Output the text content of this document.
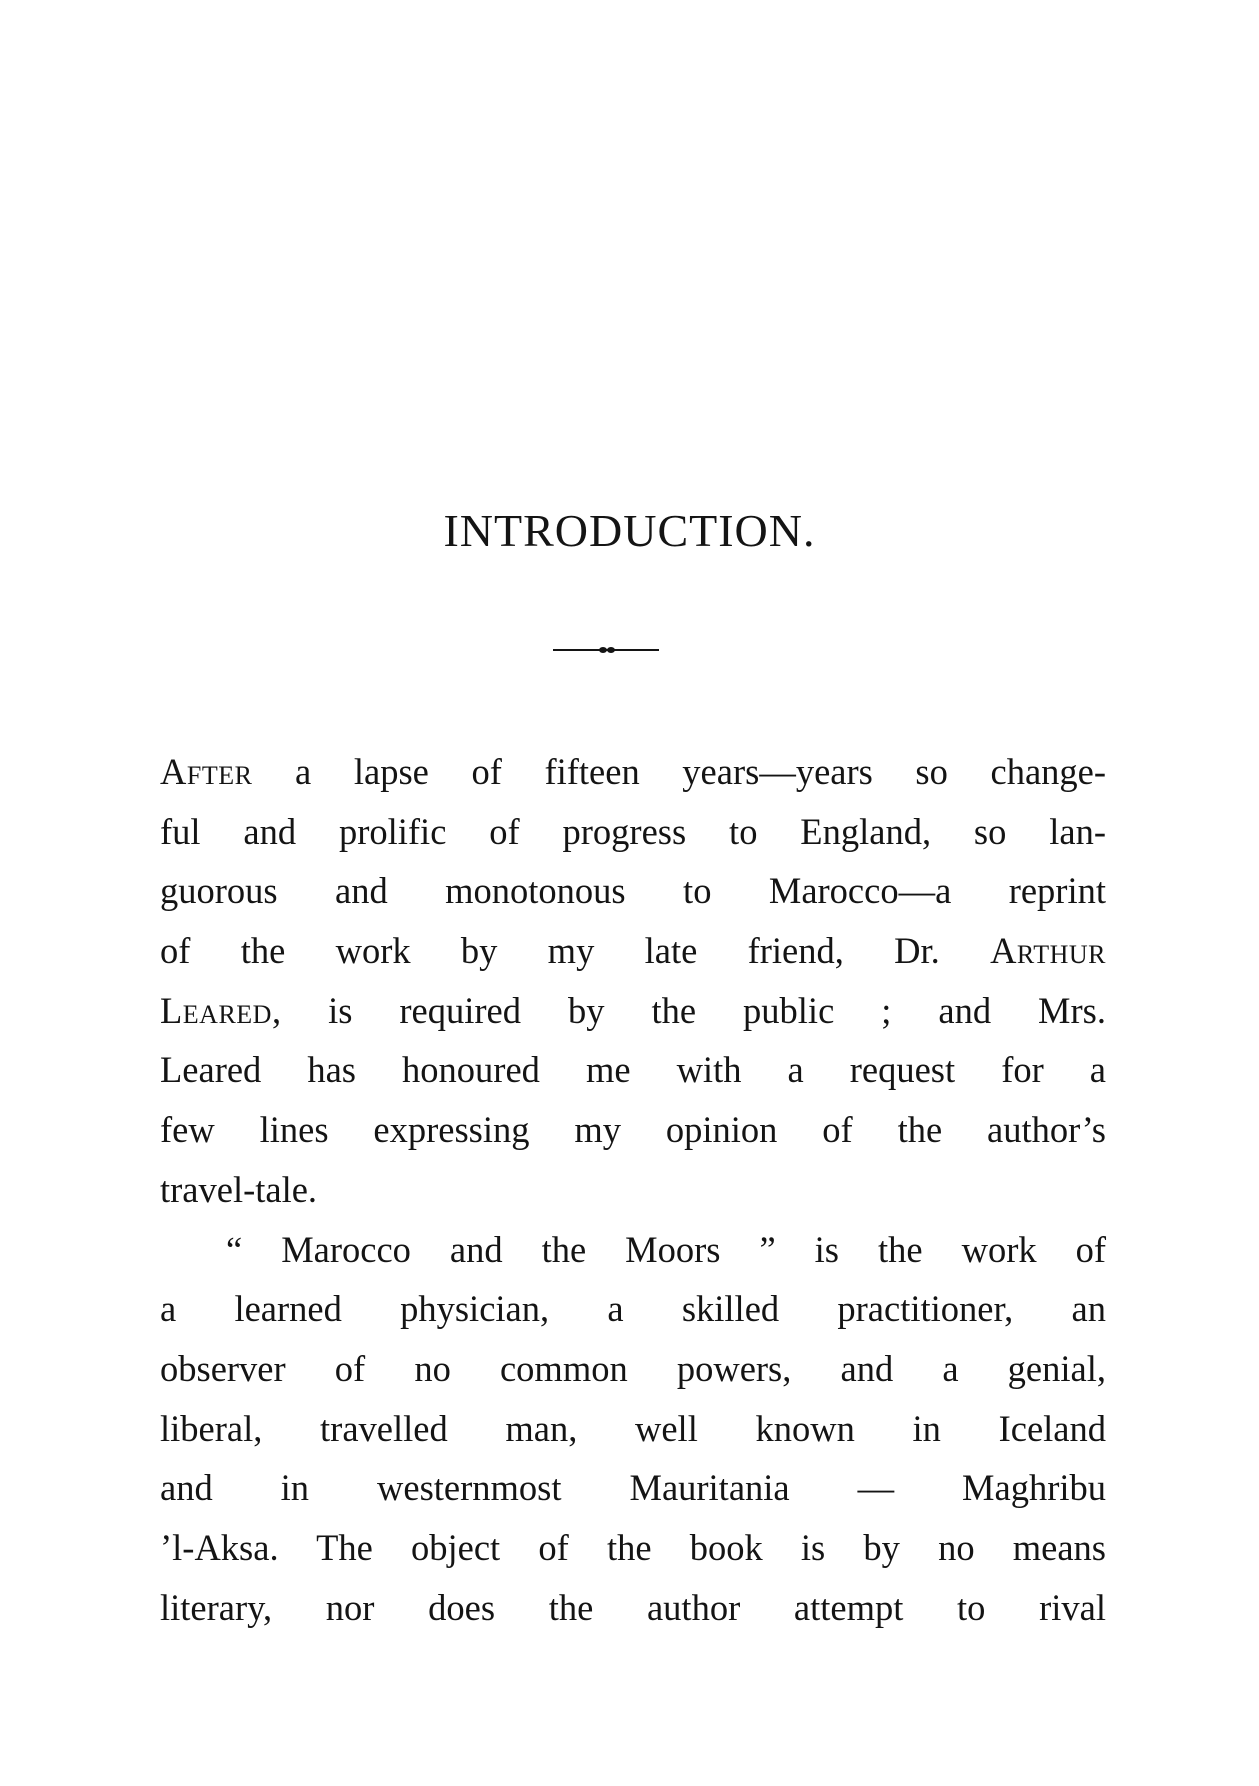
INTRODUCTION.
After a lapse of fifteen years—years so change-
ful and prolific of progress to England, so lan-
guorous and monotonous to Marocco—a reprint
of the work by my late friend, Dr. Arthur
Leared, is required by the public ; and Mrs.
Leared has honoured me with a request for a
few lines expressing my opinion of the author’s
travel-tale.
“ Marocco and the Moors ” is the work of
a learned physician, a skilled practitioner, an
observer of no common powers, and a genial,
liberal, travelled man, well known in Iceland
and in westernmost Mauritania — Maghribu
’l-Aksa. The object of the book is by no means
literary, nor does the author attempt to rival
